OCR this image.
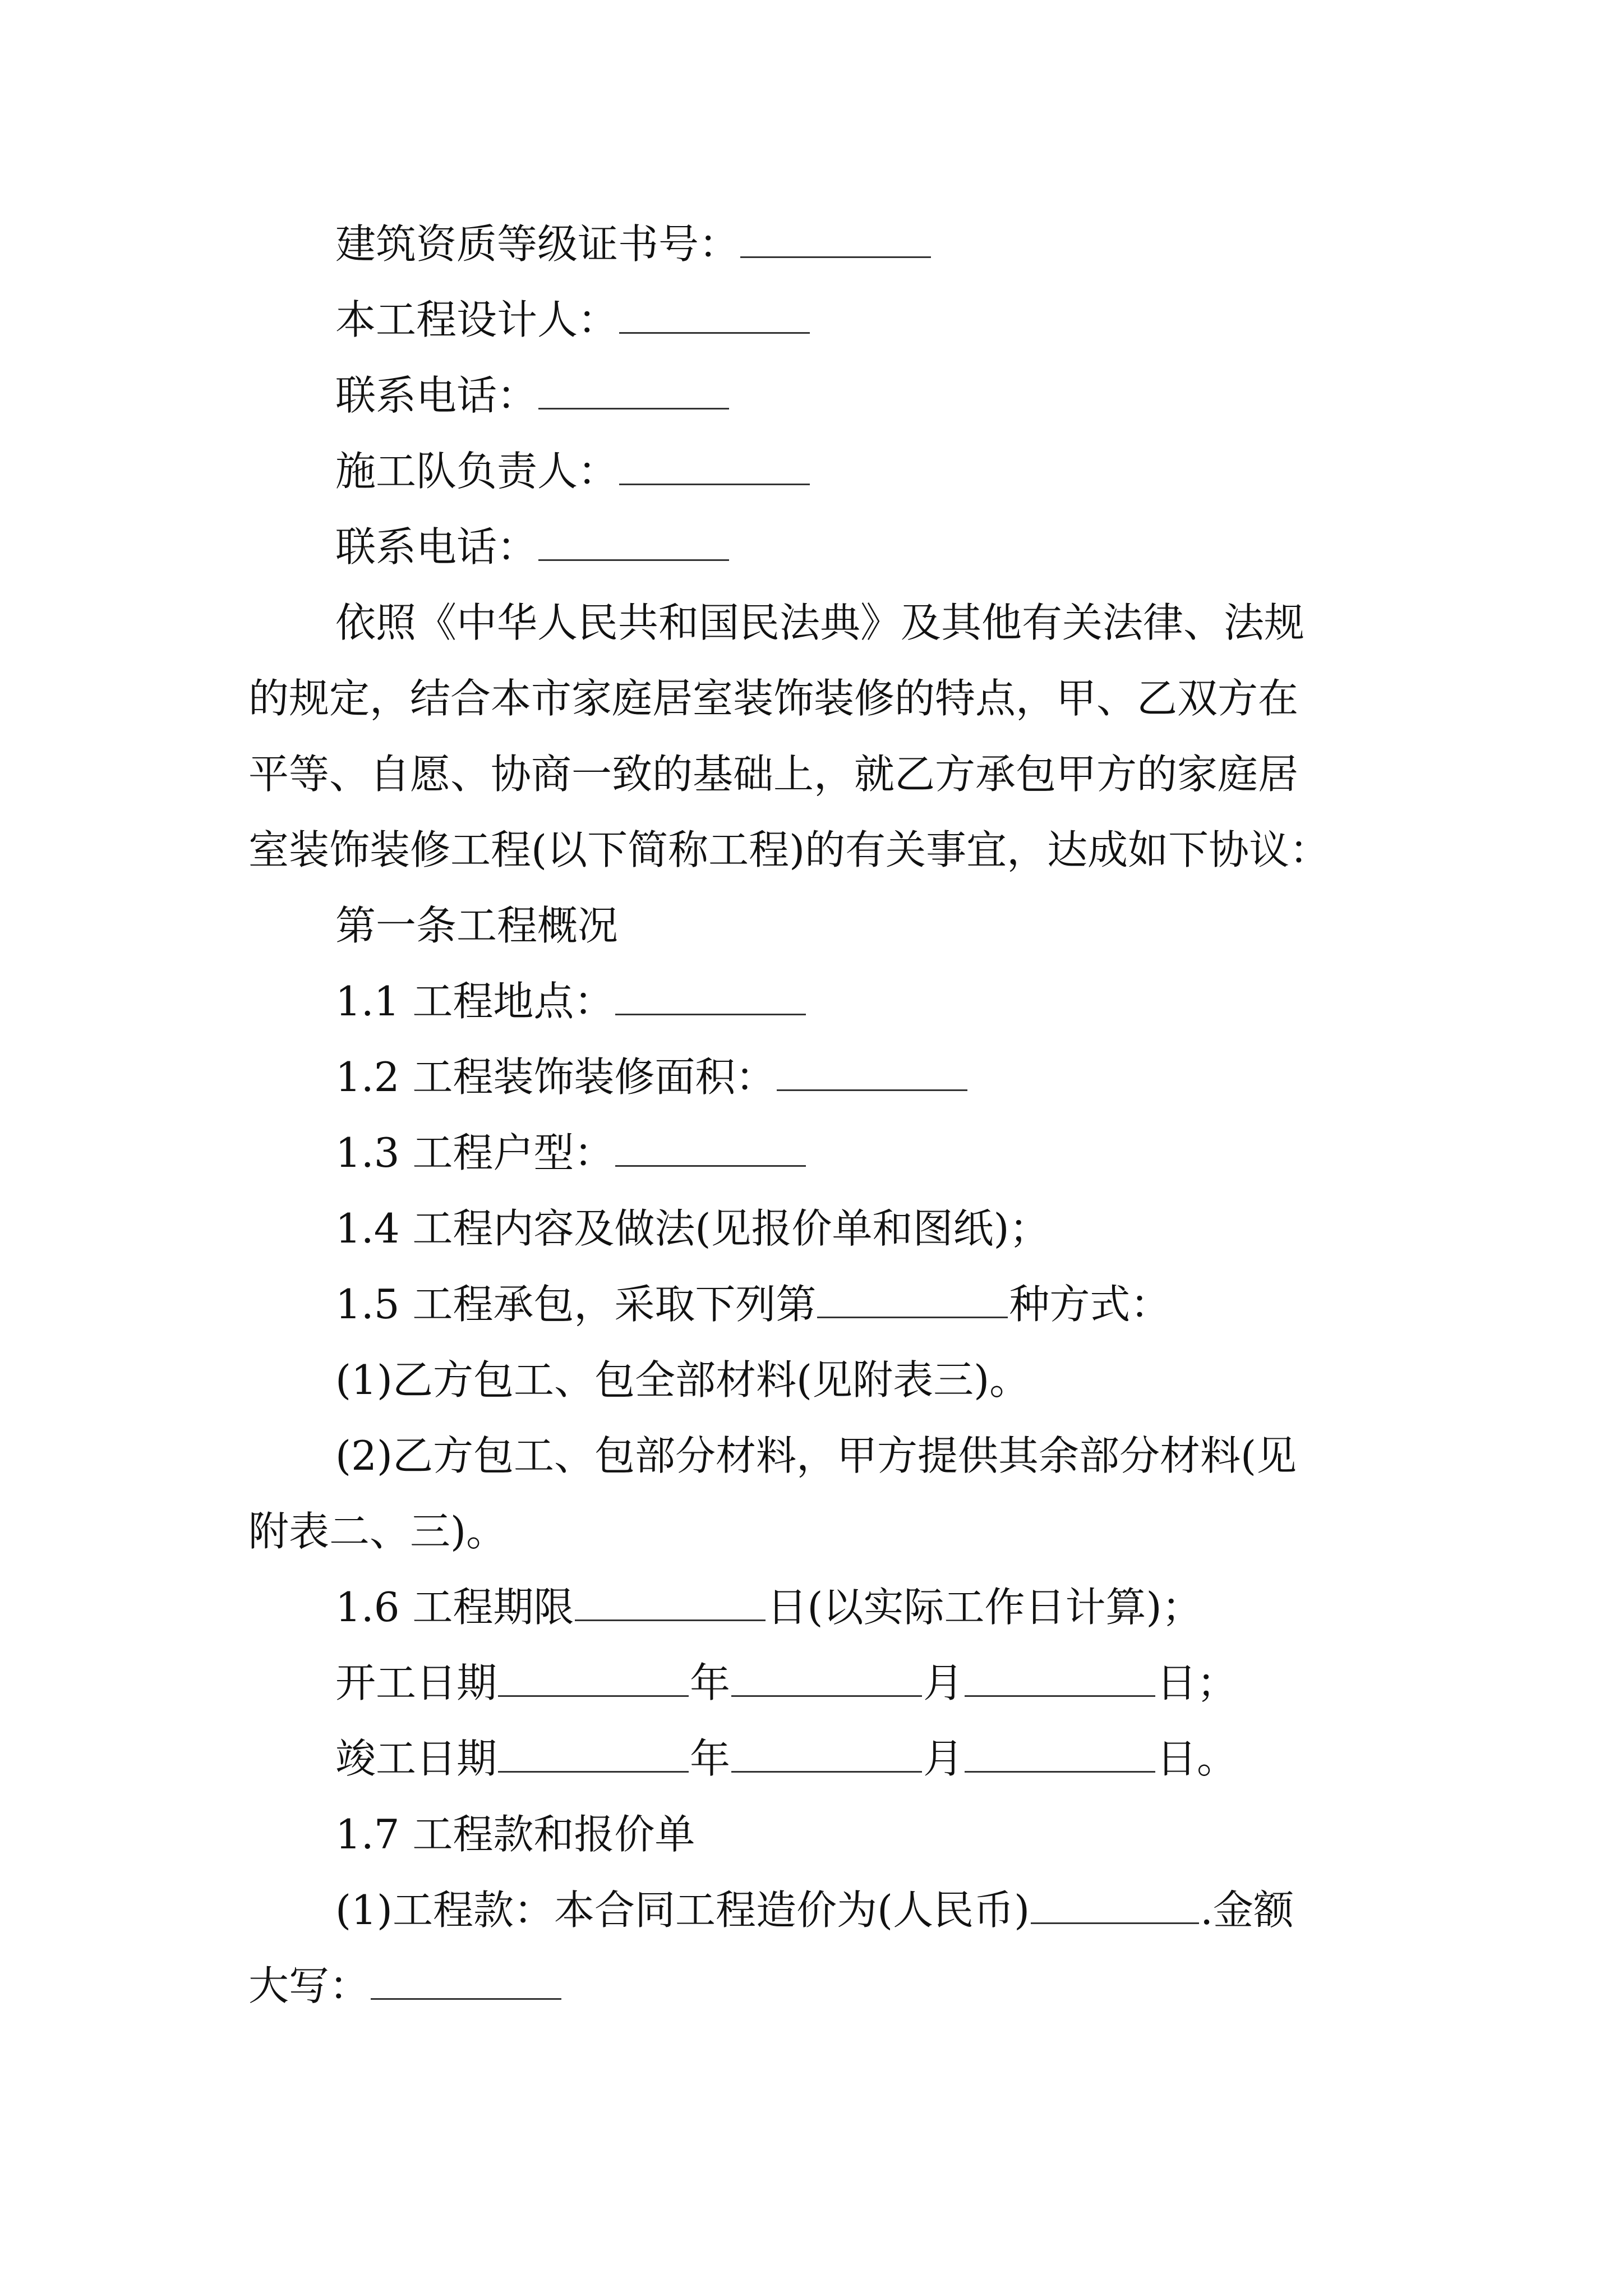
建筑资质等级证书号：
本工程设计人：
联系电话：
施工队负责人：
联系电话：
依照《中华人民共和国民法典》及其他有关法律、法规
的规定，结合本市家庭居室装饰装修的特点，甲、乙双方在
平等、自愿、协商一致的基础上，就乙方承包甲方的家庭居
室装饰装修工程(以下简称工程)的有关事宜，达成如下协议：
第一条工程概况
1.1 工程地点：
1.2 工程装饰装修面积：
1.3 工程户型：
1.4 工程内容及做法(见报价单和图纸)；
1.5 工程承包，采取下列第	种方式：
(1)乙方包工、包全部材料(见附表三)。
(2)乙方包工、包部分材料，甲方提供其余部分材料(见
附表二、三)。
1.6 工程期限	日(以实际工作日计算)；
开工日期	年	月	日；
竣工日期	年	月	日。
1.7 工程款和报价单
(1)工程款：本合同工程造价为(人民币)	.金额
大写：
